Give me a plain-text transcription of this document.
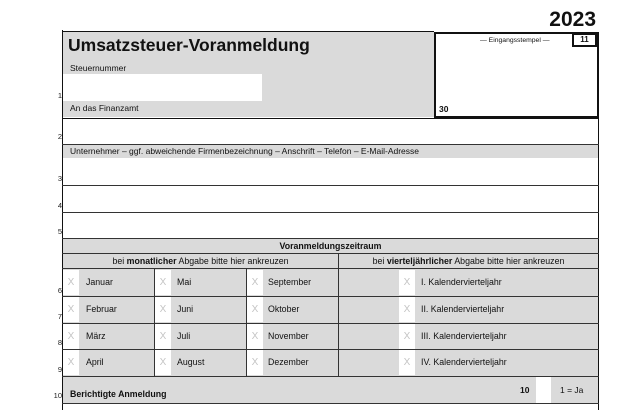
2023
Umsatzsteuer-Voranmeldung
Steuernummer
An das Finanzamt
— Eingangsstempel —	11
30
Unternehmer – ggf. abweichende Firmenbezeichnung – Anschrift – Telefon – E-Mail-Adresse
Voranmeldungszeitraum
bei monatlicher Abgabe bitte hier ankreuzen	bei vierteljährlicher Abgabe bitte hier ankreuzen
X	Januar	X	Mai	X	September	X	I. Kalendervierteljahr
X	Februar	X	Juni	X	Oktober	X	II. Kalendervierteljahr
X	März	X	Juli	X	November	X	III. Kalendervierteljahr
X	April	X	August	X	Dezember	X	IV. Kalendervierteljahr
Berichtigte Anmeldung	10	1 = Ja
1
2
3
4
5
6
7
8
9
10
